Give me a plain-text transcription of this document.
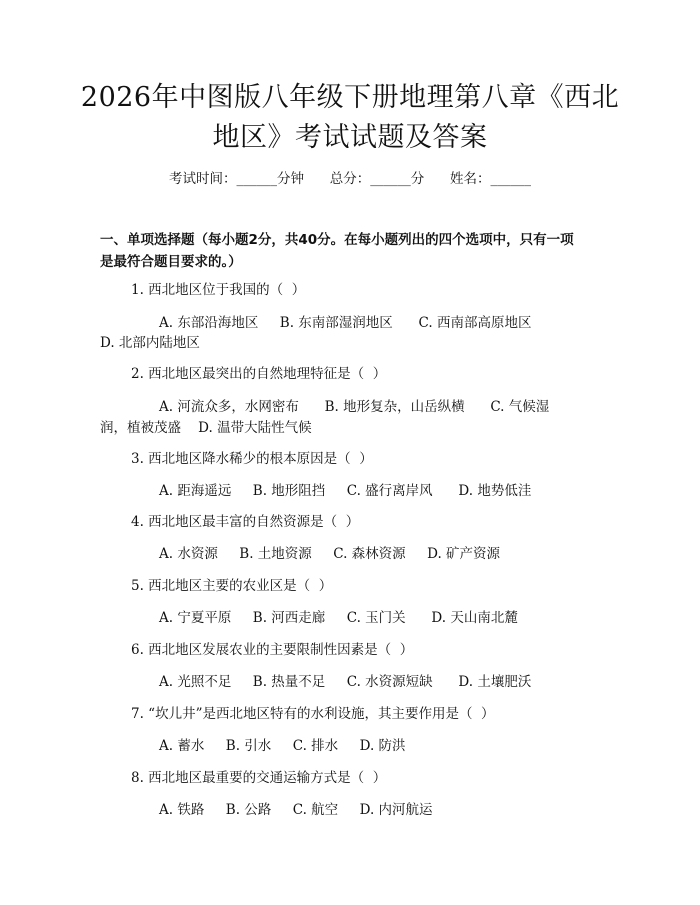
2026年中图版八年级下册地理第八章《西北
地区》考试试题及答案
考试时间：______分钟      总分：______分      姓名：______
一、单项选择题（每小题2分，共40分。在每小题列出的四个选项中，只有一项
是最符合题目要求的。）
1. 西北地区位于我国的（  ）
A. 东部沿海地区     B. 东南部湿润地区      C. 西南部高原地区
D. 北部内陆地区
2. 西北地区最突出的自然地理特征是（  ）
A. 河流众多，水网密布      B. 地形复杂，山岳纵横      C. 气候湿
润，植被茂盛    D. 温带大陆性气候
3. 西北地区降水稀少的根本原因是（  ）
A. 距海遥远     B. 地形阻挡     C. 盛行离岸风      D. 地势低洼
4. 西北地区最丰富的自然资源是（  ）
A. 水资源     B. 土地资源     C. 森林资源     D. 矿产资源
5. 西北地区主要的农业区是（  ）
A. 宁夏平原     B. 河西走廊     C. 玉门关      D. 天山南北麓
6. 西北地区发展农业的主要限制性因素是（  ）
A. 光照不足     B. 热量不足     C. 水资源短缺      D. 土壤肥沃
7. “坎儿井”是西北地区特有的水利设施，其主要作用是（  ）
A. 蓄水     B. 引水     C. 排水     D. 防洪
8. 西北地区最重要的交通运输方式是（  ）
A. 铁路     B. 公路     C. 航空     D. 内河航运
